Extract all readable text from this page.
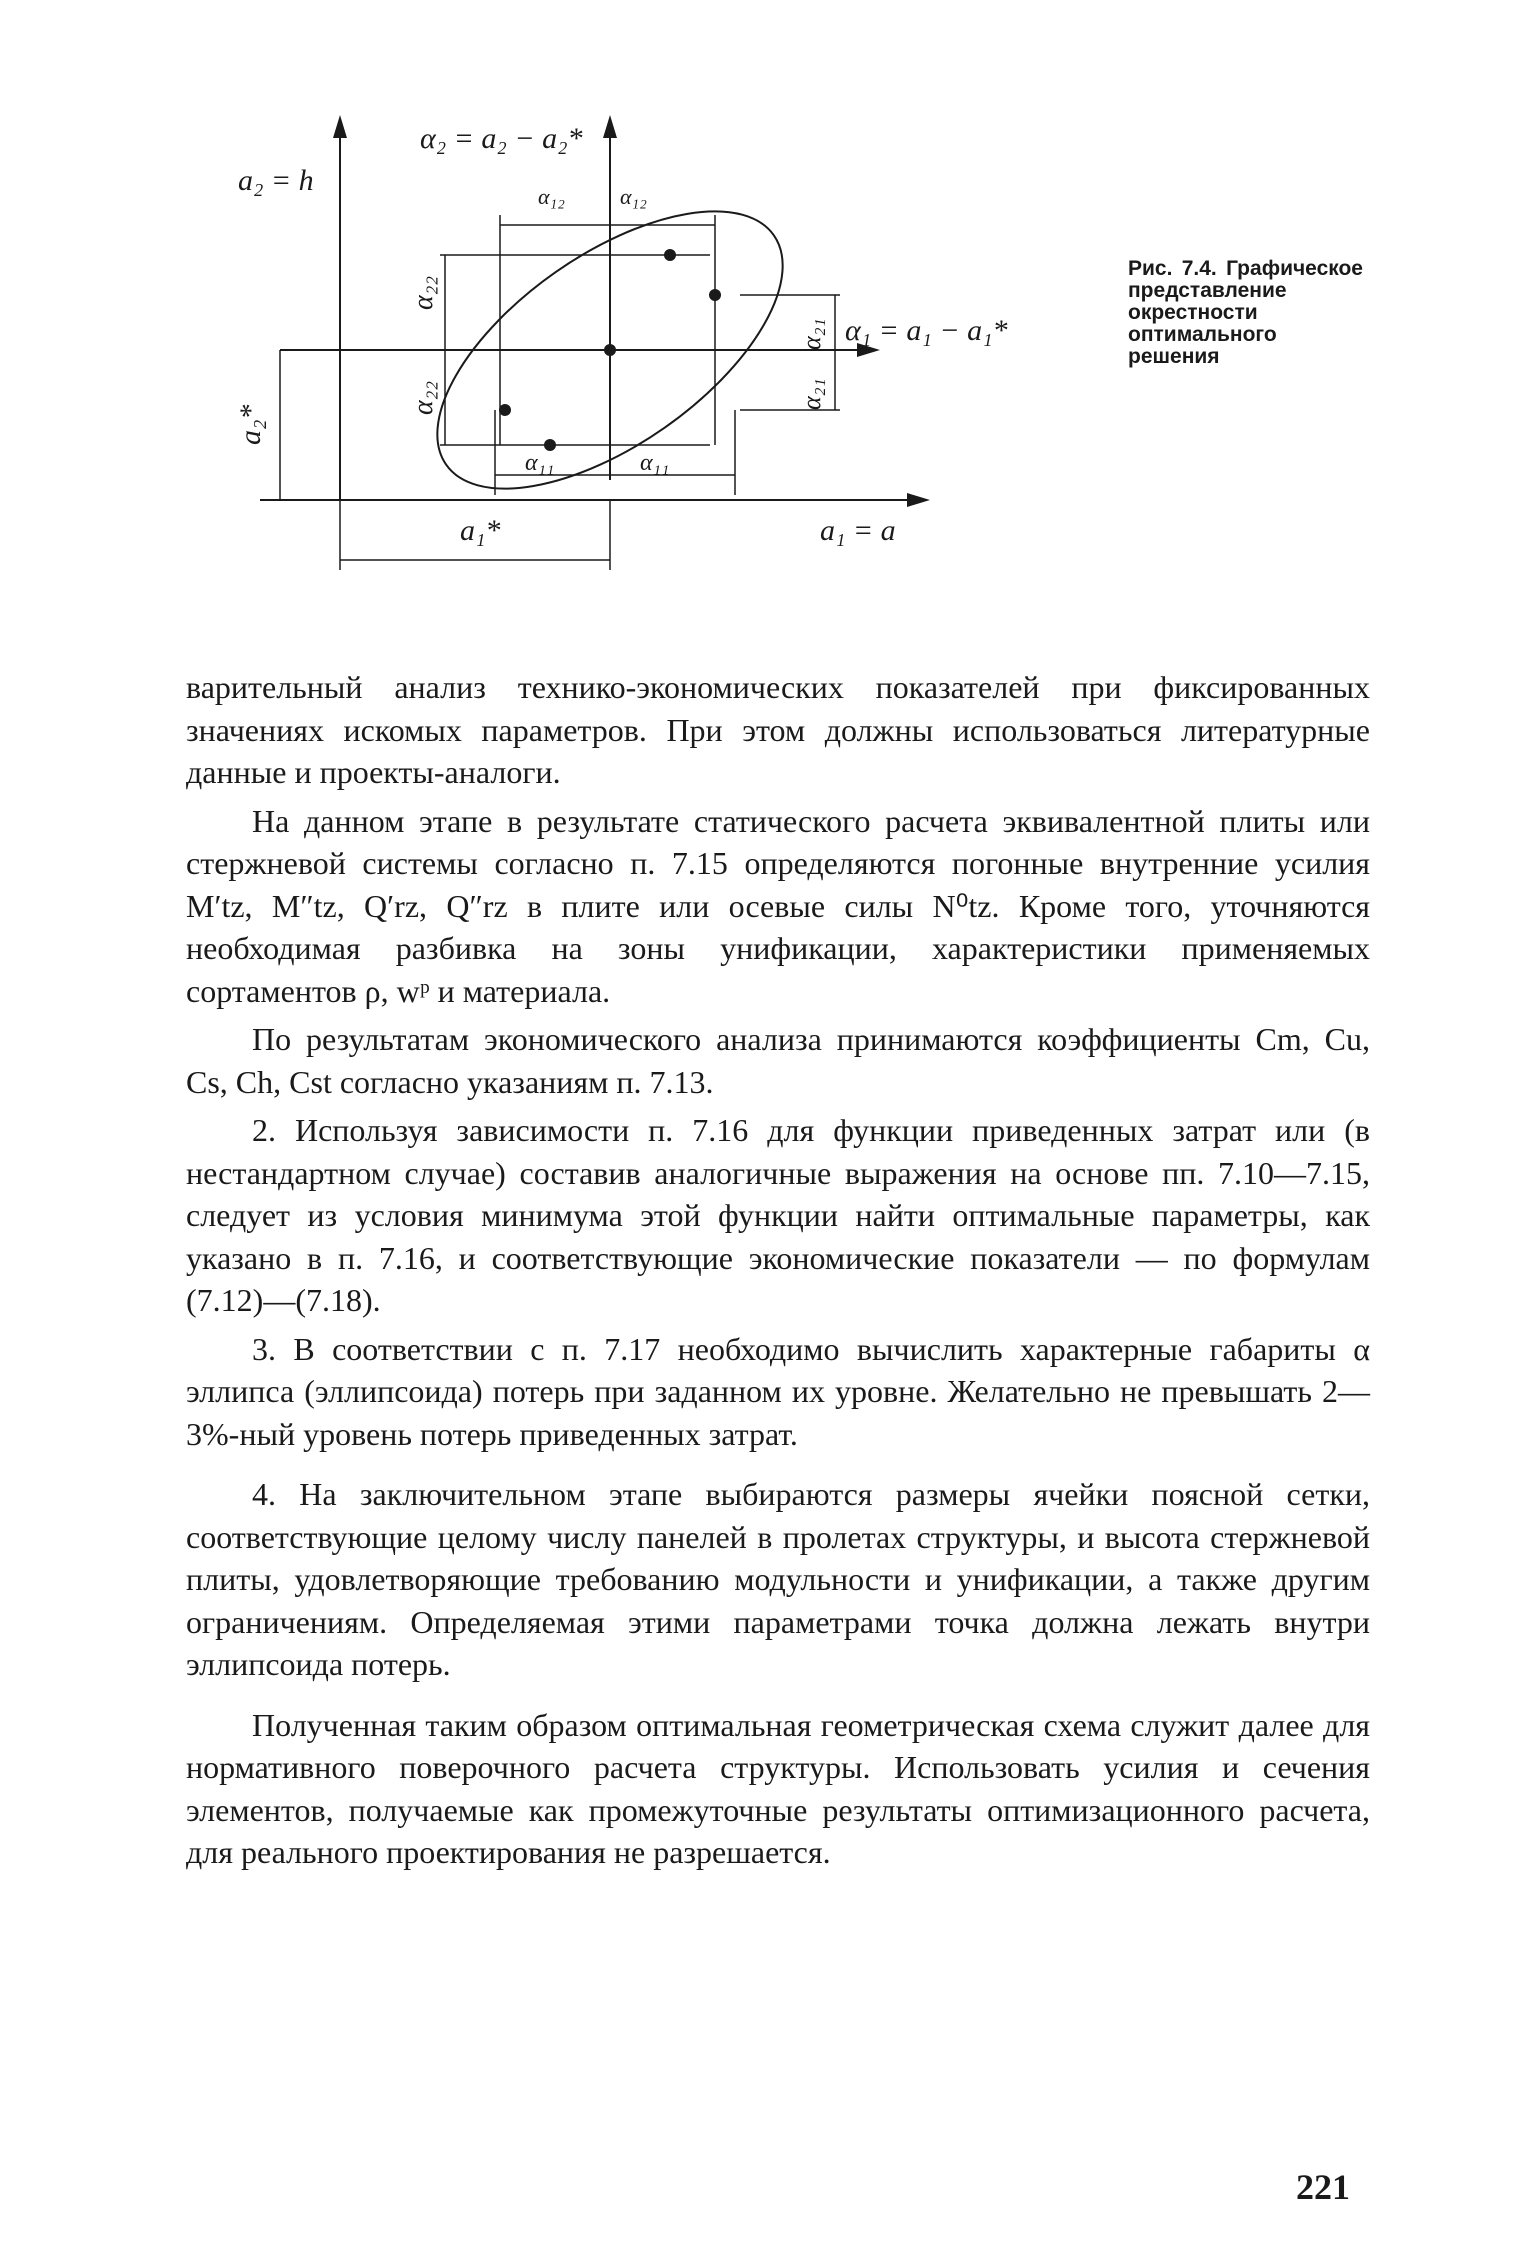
a₂ = h
α₂ = a₂ − a₂*
α₁₂	α₁₂
α₂₂
α₂₂
α₂₁
α₂₁
α₁ = a₁ − a₁*
a₂*
α₁₁	α₁₁
a₁*	a₁ = a
Рис. 7.4. Графическое представление окрестности оптимального решения

варительный анализ технико-экономических показателей при фиксированных значениях искомых параметров. При этом должны использоваться литературные данные и проекты-аналоги.

На данном этапе в результате статического расчета эквивалентной плиты или стержневой системы согласно п. 7.15 определяются погонные внутренние усилия M′tz, M″tz, Q′rz, Q″rz в плите или осевые силы N⁰tz. Кроме того, уточняются необходимая разбивка на зоны унификации, характеристики применяемых сортаментов ρ, wᵖ и материала.

По результатам экономического анализа принимаются коэффициенты Cm, Cu, Cs, Ch, Cst согласно указаниям п. 7.13.

2. Используя зависимости п. 7.16 для функции приведенных затрат или (в нестандартном случае) составив аналогичные выражения на основе пп. 7.10—7.15, следует из условия минимума этой функции найти оптимальные параметры, как указано в п. 7.16, и соответствующие экономические показатели — по формулам (7.12)—(7.18).

3. В соответствии с п. 7.17 необходимо вычислить характерные габариты α эллипса (эллипсоида) потерь при заданном их уровне. Желательно не превышать 2—3%-ный уровень потерь приведенных затрат.

4. На заключительном этапе выбираются размеры ячейки поясной сетки, соответствующие целому числу панелей в пролетах структуры, и высота стержневой плиты, удовлетворяющие требованию модульности и унификации, а также другим ограничениям. Определяемая этими параметрами точка должна лежать внутри эллипсоида потерь.

Полученная таким образом оптимальная геометрическая схема служит далее для нормативного поверочного расчета структуры. Использовать усилия и сечения элементов, получаемые как промежуточные результаты оптимизационного расчета, для реального проектирования не разрешается.

221
